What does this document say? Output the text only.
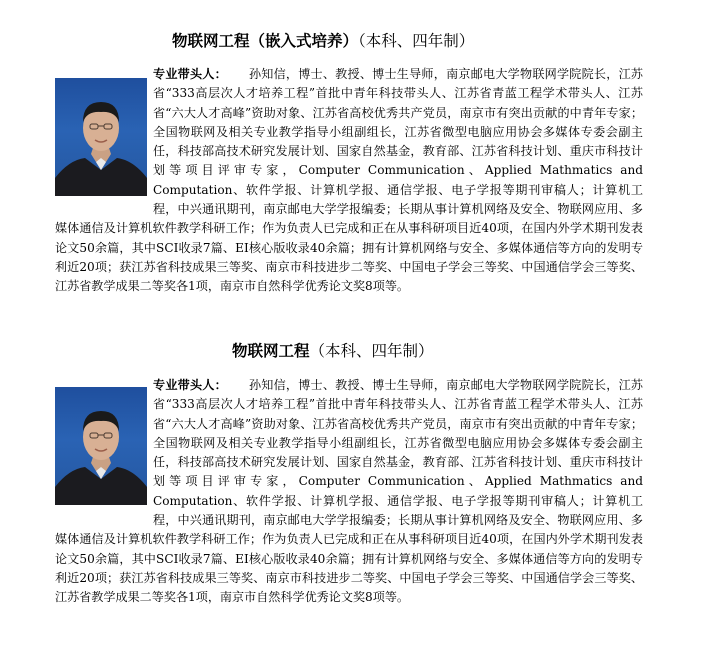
物联网工程（嵌入式培养）（本科、四年制）
专业带头人： 孙知信，博士、教授、博士生导师，南京邮电大学物联网学院院长，江苏省“333高层次人才培养工程”首批中青年科技带头人、江苏省青蓝工程学术带头人、江苏省“六大人才高峰”资助对象、江苏省高校优秀共产党员，南京市有突出贡献的中青年专家；全国物联网及相关专业教学指导小组副组长，江苏省微型电脑应用协会多媒体专委会副主任，科技部高技术研究发展计划、国家自然基金，教育部、江苏省科技计划、重庆市科技计划等项目评审专家，Computer Communication、Applied Mathmatics and Computation、软件学报、计算机学报、通信学报、电子学报等期刊审稿人；计算机工程，中兴通讯期刊，南京邮电大学学报编委；长期从事计算机网络及安全、物联网应用、多媒体通信及计算机软件教学科研工作；作为负责人已完成和正在从事科研项目近40项，在国内外学术期刊发表论文50余篇，其中SCI收录7篇、EI核心版收录40余篇；拥有计算机网络与安全、多媒体通信等方向的发明专利近20项；获江苏省科技成果三等奖、南京市科技进步二等奖、中国电子学会三等奖、中国通信学会三等奖、江苏省教学成果二等奖各1项，南京市自然科学优秀论文奖8项等。
物联网工程（本科、四年制）
专业带头人： 孙知信，博士、教授、博士生导师，南京邮电大学物联网学院院长，江苏省“333高层次人才培养工程”首批中青年科技带头人、江苏省青蓝工程学术带头人、江苏省“六大人才高峰”资助对象、江苏省高校优秀共产党员，南京市有突出贡献的中青年专家；全国物联网及相关专业教学指导小组副组长，江苏省微型电脑应用协会多媒体专委会副主任，科技部高技术研究发展计划、国家自然基金，教育部、江苏省科技计划、重庆市科技计划等项目评审专家，Computer Communication、Applied Mathmatics and Computation、软件学报、计算机学报、通信学报、电子学报等期刊审稿人；计算机工程，中兴通讯期刊，南京邮电大学学报编委；长期从事计算机网络及安全、物联网应用、多媒体通信及计算机软件教学科研工作；作为负责人已完成和正在从事科研项目近40项，在国内外学术期刊发表论文50余篇，其中SCI收录7篇、EI核心版收录40余篇；拥有计算机网络与安全、多媒体通信等方向的发明专利近20项；获江苏省科技成果三等奖、南京市科技进步二等奖、中国电子学会三等奖、中国通信学会三等奖、江苏省教学成果二等奖各1项，南京市自然科学优秀论文奖8项等。
